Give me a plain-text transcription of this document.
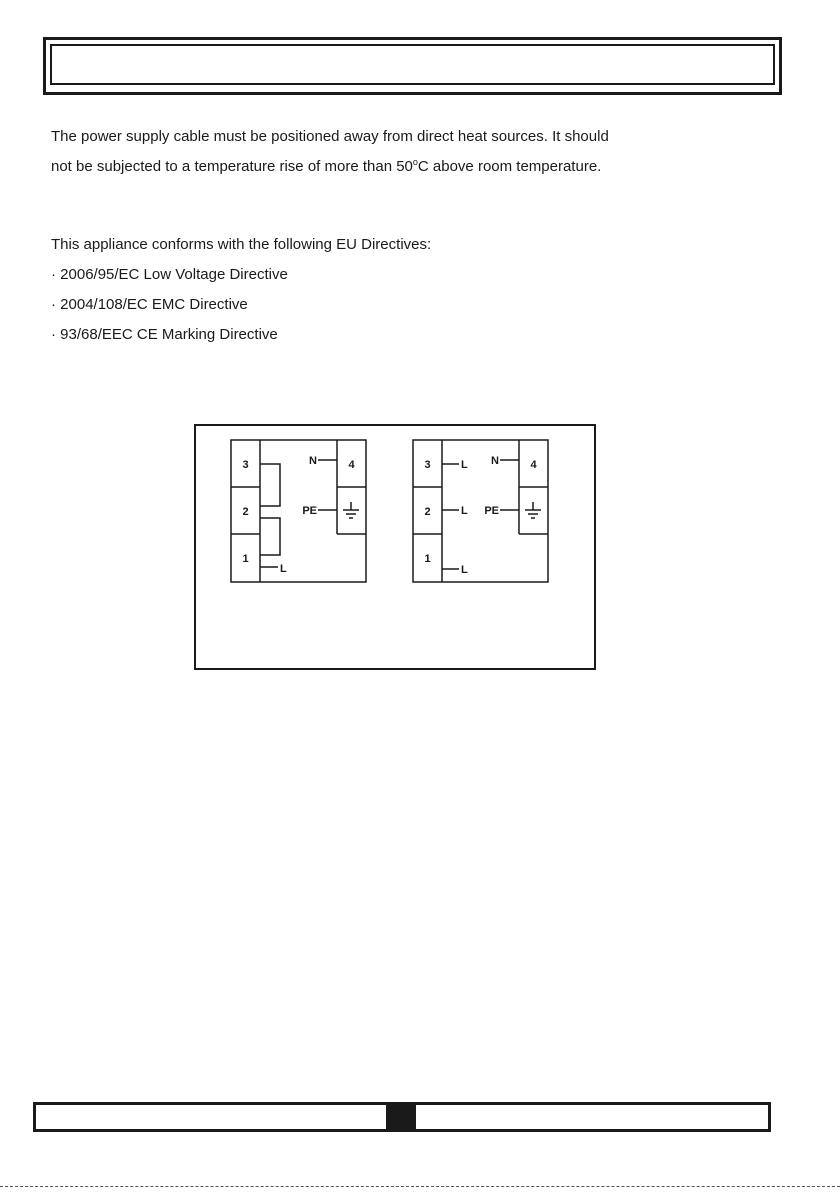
The power supply cable must be positioned away from direct heat sources. It should not be subjected to a temperature rise of more than 50$^o$C above room temperature.

This appliance conforms with the following EU Directives:
· 2006/95/EC Low Voltage Directive
· 2004/108/EC EMC Directive
· 93/68/EEC CE Marking Directive
3
2
1
4
N
PE
L
3
2
1
4
N
PE
L
L
L
